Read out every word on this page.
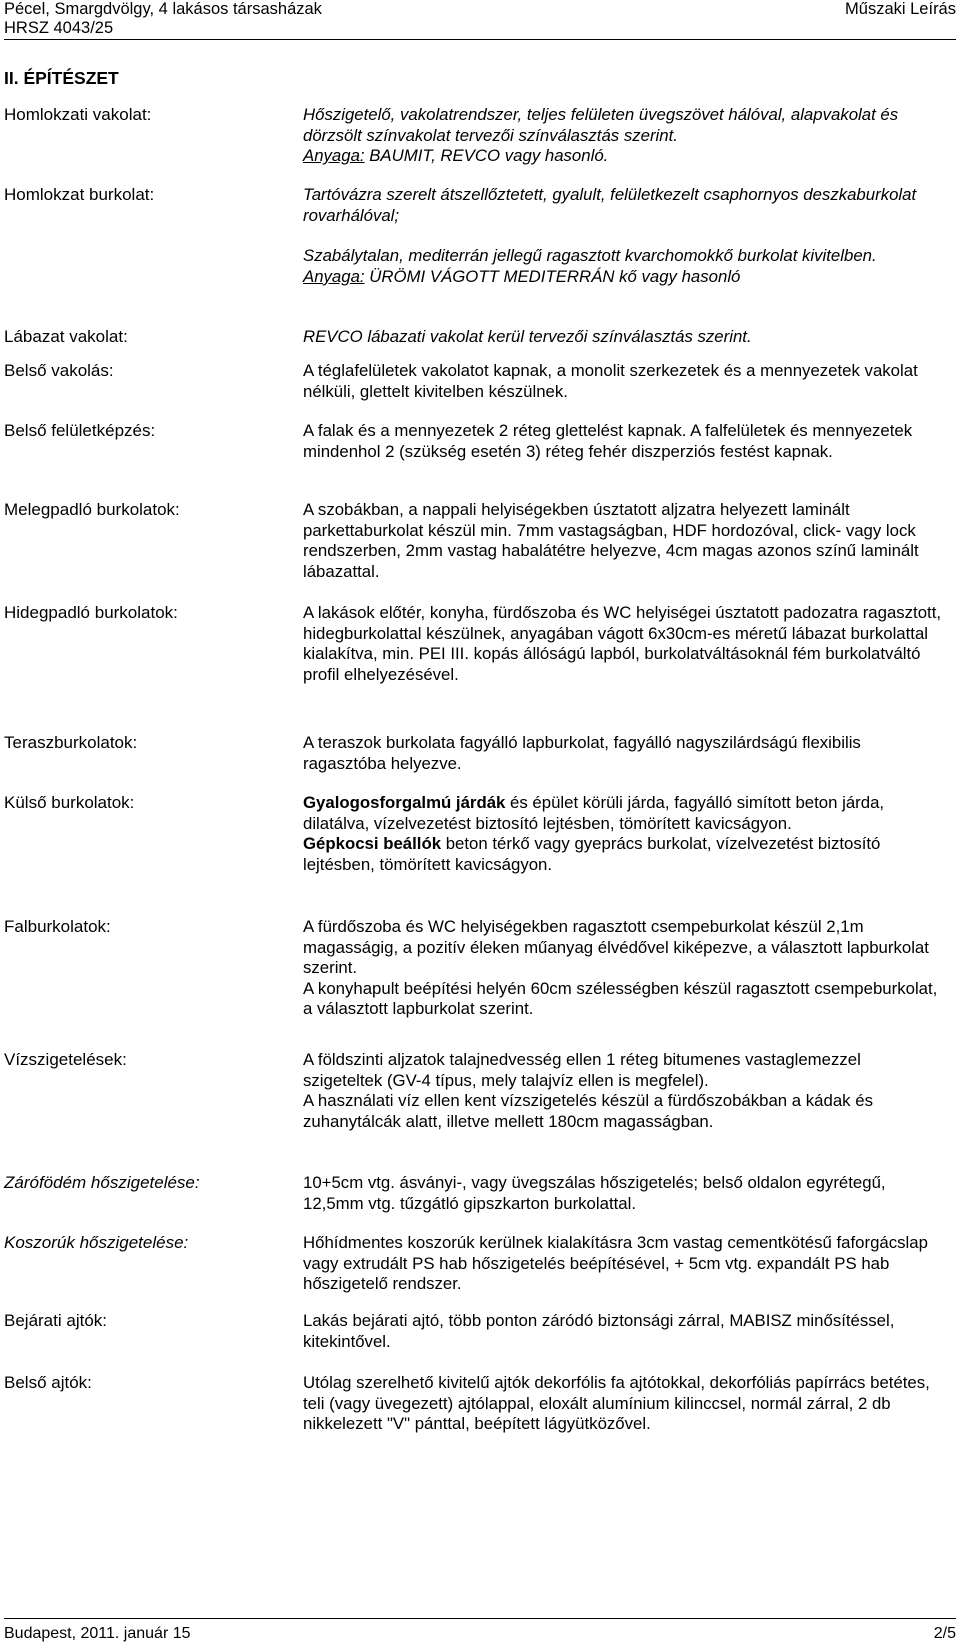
Pécel, Smargdvölgy, 4 lakásos társasházak
HRSZ 4043/25
Műszaki Leírás
II. ÉPÍTÉSZET
Homlokzati vakolat:
Homlokzat burkolat:
Lábazat vakolat:
Belső vakolás:
Belső felületképzés:
Melegpadló burkolatok:
Hidegpadló burkolatok:
Teraszburkolatok:
Külső burkolatok:
Falburkolatok:
Vízszigetelések:
Zárófödém hőszigetelése:
Koszorúk hőszigetelése:
Bejárati ajtók:
Belső ajtók:
Hőszigetelő, vakolatrendszer, teljes felületen üvegszövet hálóval, alapvakolat és dörzsölt színvakolat tervezői színválasztás szerint.
Anyaga: BAUMIT, REVCO vagy hasonló.
Tartóvázra szerelt átszellőztetett, gyalult, felületkezelt csaphornyos deszkaburkolat rovarhálóval;
Szabálytalan, mediterrán jellegű ragasztott kvarchomokkő burkolat kivitelben.
Anyaga: ÜRÖMI VÁGOTT MEDITERRÁN kő vagy hasonló
REVCO lábazati vakolat kerül tervezői színválasztás szerint.
A téglafelületek vakolatot kapnak, a monolit szerkezetek és a mennyezetek vakolat nélküli, glettelt kivitelben készülnek.
A falak és a mennyezetek 2 réteg glettelést kapnak. A falfelületek és mennyezetek mindenhol 2 (szükség esetén 3) réteg fehér diszperziós festést kapnak.
A szobákban, a nappali helyiségekben úsztatott aljzatra helyezett laminált parkettaburkolat készül min. 7mm vastagságban, HDF hordozóval, click- vagy lock rendszerben, 2mm vastag habalátétre helyezve, 4cm magas azonos színű laminált lábazattal.
A lakások előtér, konyha, fürdőszoba és WC helyiségei úsztatott padozatra ragasztott, hidegburkolattal készülnek, anyagában vágott 6x30cm-es méretű lábazat burkolattal kialakítva, min. PEI III. kopás állóságú lapból, burkolatváltásoknál fém burkolatváltó profil elhelyezésével.
A teraszok burkolata fagyálló lapburkolat, fagyálló nagyszilárdságú flexibilis ragasztóba helyezve.
Gyalogosforgalmú járdák és épület körüli járda, fagyálló simított beton járda, dilatálva, vízelvezetést biztosító lejtésben, tömörített kavicságyon.
Gépkocsi beállók beton térkő vagy gyeprács burkolat, vízelvezetést biztosító lejtésben, tömörített kavicságyon.
A fürdőszoba és WC helyiségekben ragasztott csempeburkolat készül 2,1m magasságig, a pozitív éleken műanyag élvédővel kiképezve, a választott lapburkolat szerint.
A konyhapult beépítési helyén 60cm szélességben készül ragasztott csempeburkolat, a választott lapburkolat szerint.
A földszinti aljzatok talajnedvesség ellen 1 réteg bitumenes vastaglemezzel szigeteltek (GV-4 típus, mely talajvíz ellen is megfelel).
A használati víz ellen kent vízszigetelés készül a fürdőszobákban a kádak és zuhanytálcák alatt, illetve mellett 180cm magasságban.
10+5cm vtg. ásványi-, vagy üvegszálas hőszigetelés; belső oldalon egyrétegű, 12,5mm vtg. tűzgátló gipszkarton burkolattal.
Hőhídmentes koszorúk kerülnek kialakításra 3cm vastag cementkötésű faforgácslap vagy extrudált PS hab hőszigetelés beépítésével, + 5cm vtg. expandált PS hab hőszigetelő rendszer.
Lakás bejárati ajtó, több ponton záródó biztonsági zárral, MABISZ minősítéssel, kitekintővel.
Utólag szerelhető kivitelű ajtók dekorfólis fa ajtótokkal, dekorfóliás papírrács betétes, teli (vagy üvegezett) ajtólappal, eloxált alumínium kilinccsel, normál zárral, 2 db nikkelezett "V" pánttal, beépített lágyütközővel.
Budapest, 2011. január 15	2/5
